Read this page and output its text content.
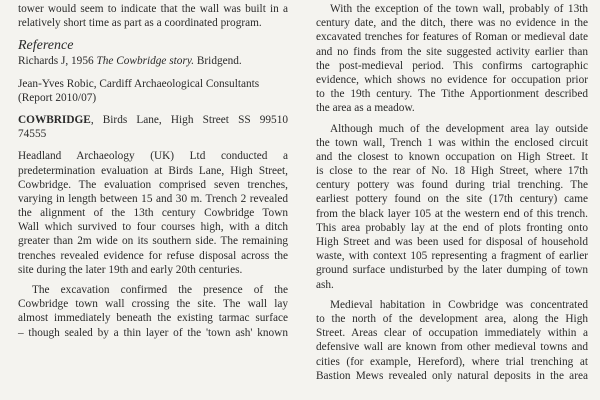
tower would seem to indicate that the wall was built in a
relatively short time as part as a coordinated program.
Reference
Richards J, 1956 The Cowbridge story. Bridgend.
Jean-Yves Robic, Cardiff Archaeological Consultants
(Report 2010/07)
COWBRIDGE, Birds Lane, High Street SS 99510
74555
Headland Archaeology (UK) Ltd conducted a
predetermination evaluation at Birds Lane, High Street,
Cowbridge. The evaluation comprised seven trenches,
varying in length between 15 and 30 m. Trench 2 revealed
the alignment of the 13th century Cowbridge Town
Wall which survived to four courses high, with a ditch
greater than 2m wide on its southern side. The remaining
trenches revealed evidence for refuse disposal across the
site during the later 19th and early 20th centuries.
The excavation confirmed the presence of the
Cowbridge town wall crossing the site. The wall lay
almost immediately beneath the existing tarmac surface
– though sealed by a thin layer of the 'town ash' known
With the exception of the town wall, probably of 13th
century date, and the ditch, there was no evidence in the
excavated trenches for features of Roman or medieval date
and no finds from the site suggested activity earlier than
the post-medieval period. This confirms cartographic
evidence, which shows no evidence for occupation prior
to the 19th century. The Tithe Apportionment described
the area as a meadow.
Although much of the development area lay outside
the town wall, Trench 1 was within the enclosed circuit
and the closest to known occupation on High Street. It
is close to the rear of No. 18 High Street, where 17th
century pottery was found during trial trenching. The
earliest pottery found on the site (17th century) came
from the black layer 105 at the western end of this trench.
This area probably lay at the end of plots fronting onto
High Street and was been used for disposal of household
waste, with context 105 representing a fragment of earlier
ground surface undisturbed by the later dumping of town
ash.
Medieval habitation in Cowbridge was concentrated
to the north of the development area, along the High
Street. Areas clear of occupation immediately within a
defensive wall are known from other medieval towns and
cities (for example, Hereford), where trial trenching at
Bastion Mews revealed only natural deposits in the area
